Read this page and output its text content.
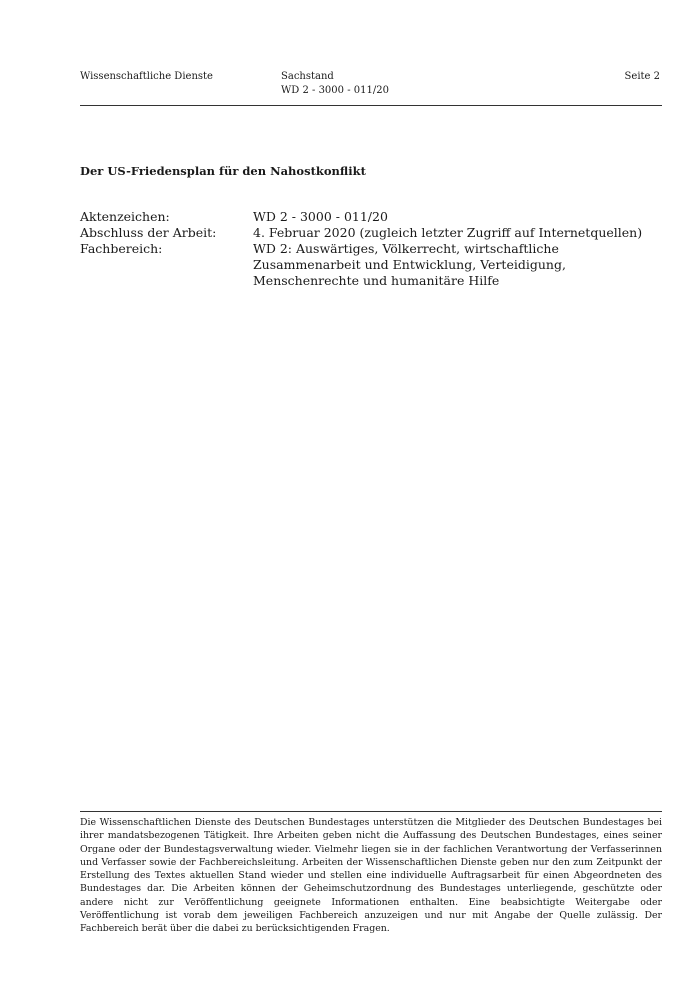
Wissenschaftliche Dienste	Sachstand
WD 2 - 3000 - 011/20
Seite 2
Der US-Friedensplan für den Nahostkonflikt
Aktenzeichen:	WD 2 - 3000 - 011/20
Abschluss der Arbeit:	4. Februar 2020 (zugleich letzter Zugriff auf Internetquellen)
Fachbereich:	WD 2: Auswärtiges, Völkerrecht, wirtschaftliche Zusammenarbeit und Entwicklung, Verteidigung, Menschenrechte und humanitäre Hilfe
Die Wissenschaftlichen Dienste des Deutschen Bundestages unterstützen die Mitglieder des Deutschen Bundestages bei ihrer mandatsbezogenen Tätigkeit. Ihre Arbeiten geben nicht die Auffassung des Deutschen Bundestages, eines seiner Organe oder der Bundestagsverwaltung wieder. Vielmehr liegen sie in der fachlichen Verantwortung der Verfasserinnen und Verfasser sowie der Fachbereichsleitung. Arbeiten der Wissenschaftlichen Dienste geben nur den zum Zeitpunkt der Erstellung des Textes aktuellen Stand wieder und stellen eine individuelle Auftragsarbeit für einen Abgeordneten des Bundestages dar. Die Arbeiten können der Geheimschutzordnung des Bundestages unterliegende, geschützte oder andere nicht zur Veröffentlichung geeignete Informationen enthalten. Eine beabsichtigte Weitergabe oder Veröffentlichung ist vorab dem jeweiligen Fachbereich anzuzeigen und nur mit Angabe der Quelle zulässig. Der Fachbereich berät über die dabei zu berücksichtigenden Fragen.
